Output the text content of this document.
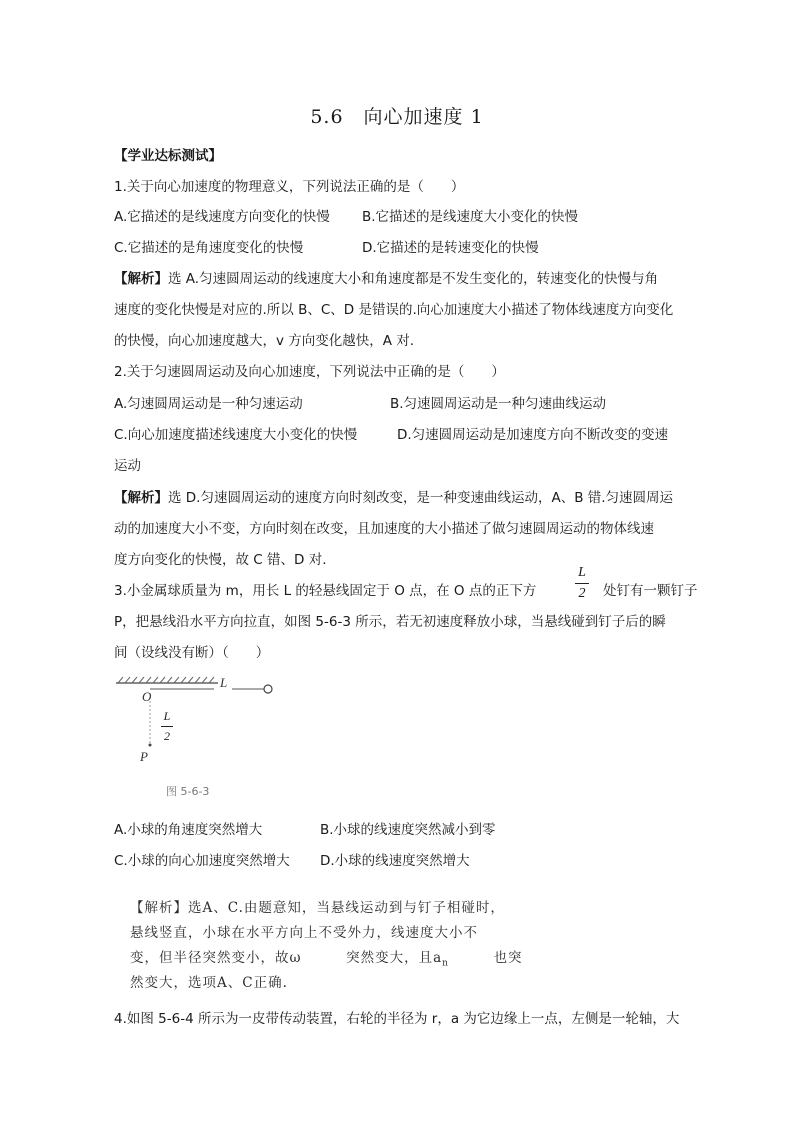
5.6　向心加速度 1
【学业达标测试】
1.关于向心加速度的物理意义，下列说法正确的是（　　）
A.它描述的是线速度方向变化的快慢 B.它描述的是线速度大小变化的快慢
C.它描述的是角速度变化的快慢	D.它描述的是转速变化的快慢
【解析】选 A.匀速圆周运动的线速度大小和角速度都是不发生变化的，转速变化的快慢与角
速度的变化快慢是对应的.所以 B、C、D 是错误的.向心加速度大小描述了物体线速度方向变化
的快慢，向心加速度越大，v 方向变化越快，A 对.
2.关于匀速圆周运动及向心加速度，下列说法中正确的是（　　）
A.匀速圆周运动是一种匀速运动	B.匀速圆周运动是一种匀速曲线运动
C.向心加速度描述线速度大小变化的快慢	D.匀速圆周运动是加速度方向不断改变的变速
运动
【解析】选 D.匀速圆周运动的速度方向时刻改变，是一种变速曲线运动，A、B 错.匀速圆周运
动的加速度大小不变，方向时刻在改变，且加速度的大小描述了做匀速圆周运动的物体线速
度方向变化的快慢，故 C 错、D 对.
3.小金属球质量为 m，用长 L 的轻悬线固定于 O 点，在 O 点的正下方
L
2	处钉有一颗钉子
P，把悬线沿水平方向拉直，如图 5-6-3 所示，若无初速度释放小球，当悬线碰到钉子后的瞬
间（设线没有断）（　　）
O
L
L
2
P
图 5-6-3
A.小球的角速度突然增大	B.小球的线速度突然减小到零
C.小球的向心加速度突然增大 D.小球的线速度突然增大
【解析】选A、C.由题意知，当悬线运动到与钉子相碰时，
悬线竖直，小球在水平方向上不受外力，线速度大小不
变，但半径突然变小，故ω	突然变大，且$a_n$	也突
然变大，选项A、C正确.
4.如图 5-6-4 所示为一皮带传动装置，右轮的半径为 r，a 为它边缘上一点，左侧是一轮轴，大
